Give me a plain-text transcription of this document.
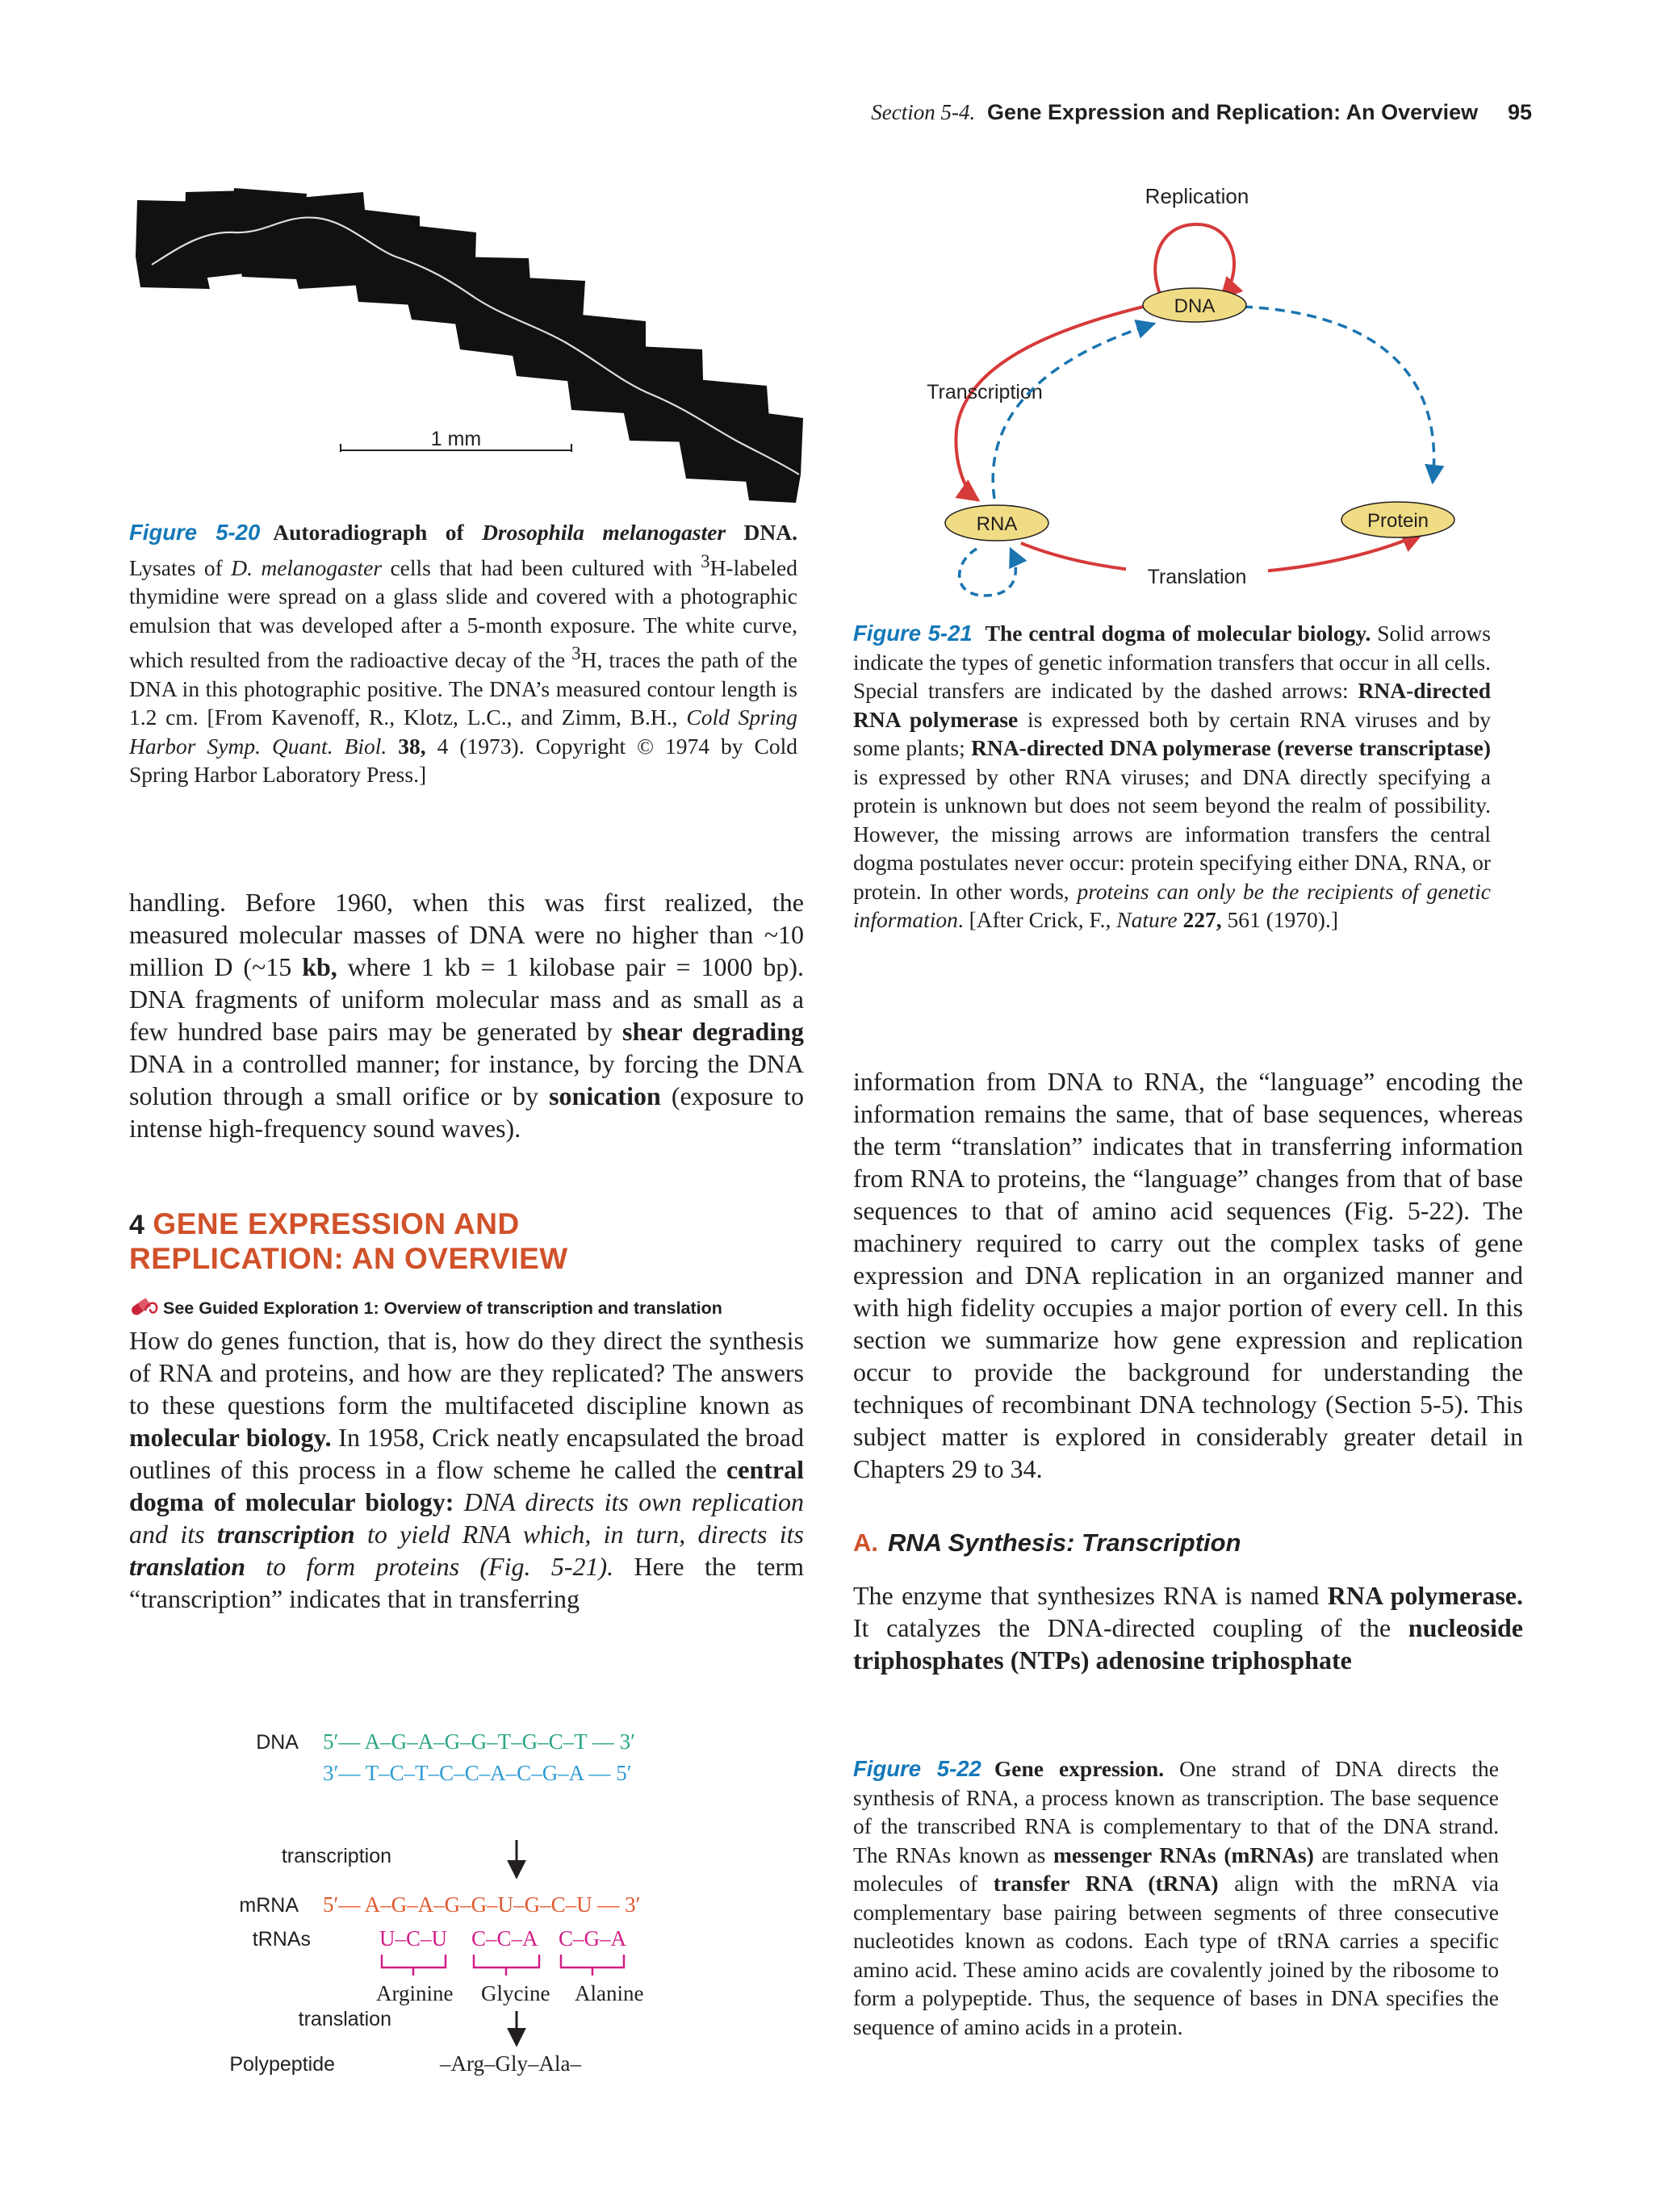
Section 5-4. Gene Expression and Replication: An Overview 95
1 mm
Figure 5-20 Autoradiograph of Drosophila melanogaster DNA. Lysates of D. melanogaster cells that had been cultured with $^3$H-labeled thymidine were spread on a glass slide and covered with a photographic emulsion that was developed after a 5-month exposure. The white curve, which resulted from the radioactive decay of the $^3$H, traces the path of the DNA in this photographic positive. The DNA’s measured contour length is 1.2 cm. [From Kavenoff, R., Klotz, L.C., and Zimm, B.H., Cold Spring Harbor Symp. Quant. Biol. 38, 4 (1973). Copyright © 1974 by Cold Spring Harbor Laboratory Press.]
Replication
Transcription
Translation
DNA
RNA	Protein
Figure 5-21 The central dogma of molecular biology. Solid arrows indicate the types of genetic information transfers that occur in all cells. Special transfers are indicated by the dashed arrows: RNA-directed RNA polymerase is expressed both by certain RNA viruses and by some plants; RNA-directed DNA polymerase (reverse transcriptase) is expressed by other RNA viruses; and DNA directly specifying a protein is unknown but does not seem beyond the realm of possibility. However, the missing arrows are information transfers the central dogma postulates never occur: protein specifying either DNA, RNA, or protein. In other words, proteins can only be the recipients of genetic information. [After Crick, F., Nature 227, 561 (1970).]
handling. Before 1960, when this was first realized, the measured molecular masses of DNA were no higher than ~10 million D (~15 kb, where 1 kb = 1 kilobase pair = 1000 bp). DNA fragments of uniform molecular mass and as small as a few hundred base pairs may be generated by shear degrading DNA in a controlled manner; for instance, by forcing the DNA solution through a small orifice or by sonication (exposure to intense high-frequency sound waves).
4 GENE EXPRESSION AND
REPLICATION: AN OVERVIEW
See Guided Exploration 1: Overview of transcription and translation
How do genes function, that is, how do they direct the synthesis of RNA and proteins, and how are they replicated? The answers to these questions form the multifaceted discipline known as molecular biology. In 1958, Crick neatly encapsulated the broad outlines of this process in a flow scheme he called the central dogma of molecular biology: DNA directs its own replication and its transcription to yield RNA which, in turn, directs its translation to form proteins (Fig. 5-21). Here the term “transcription” indicates that in transferring
information from DNA to RNA, the “language” encoding the information remains the same, that of base sequences, whereas the term “translation” indicates that in transferring information from RNA to proteins, the “language” changes from that of base sequences to that of amino acid sequences (Fig. 5-22). The machinery required to carry out the complex tasks of gene expression and DNA replication in an organized manner and with high fidelity occupies a major portion of every cell. In this section we summarize how gene expression and replication occur to provide the background for understanding the techniques of recombinant DNA technology (Section 5-5). This subject matter is explored in considerably greater detail in Chapters 29 to 34.
A. RNA Synthesis: Transcription
The enzyme that synthesizes RNA is named RNA polymerase. It catalyzes the DNA-directed coupling of the nucleoside triphosphates (NTPs) adenosine triphosphate
DNA
transcription
mRNA
tRNAs
translation
Polypeptide
5′— A–G–A–G–G–T–G–C–T — 3′
3′— T–C–T–C–C–A–C–G–A — 5′
5′— A–G–A–G–G–U–G–C–U — 3′
U–C–U C–C–A C–G–A
Arginine Glycine Alanine
–Arg–Gly–Ala–
Figure 5-22 Gene expression. One strand of DNA directs the synthesis of RNA, a process known as transcription. The base sequence of the transcribed RNA is complementary to that of the DNA strand. The RNAs known as messenger RNAs (mRNAs) are translated when molecules of transfer RNA (tRNA) align with the mRNA via complementary base pairing between segments of three consecutive nucleotides known as codons. Each type of tRNA carries a specific amino acid. These amino acids are covalently joined by the ribosome to form a polypeptide. Thus, the sequence of bases in DNA specifies the sequence of amino acids in a protein.
